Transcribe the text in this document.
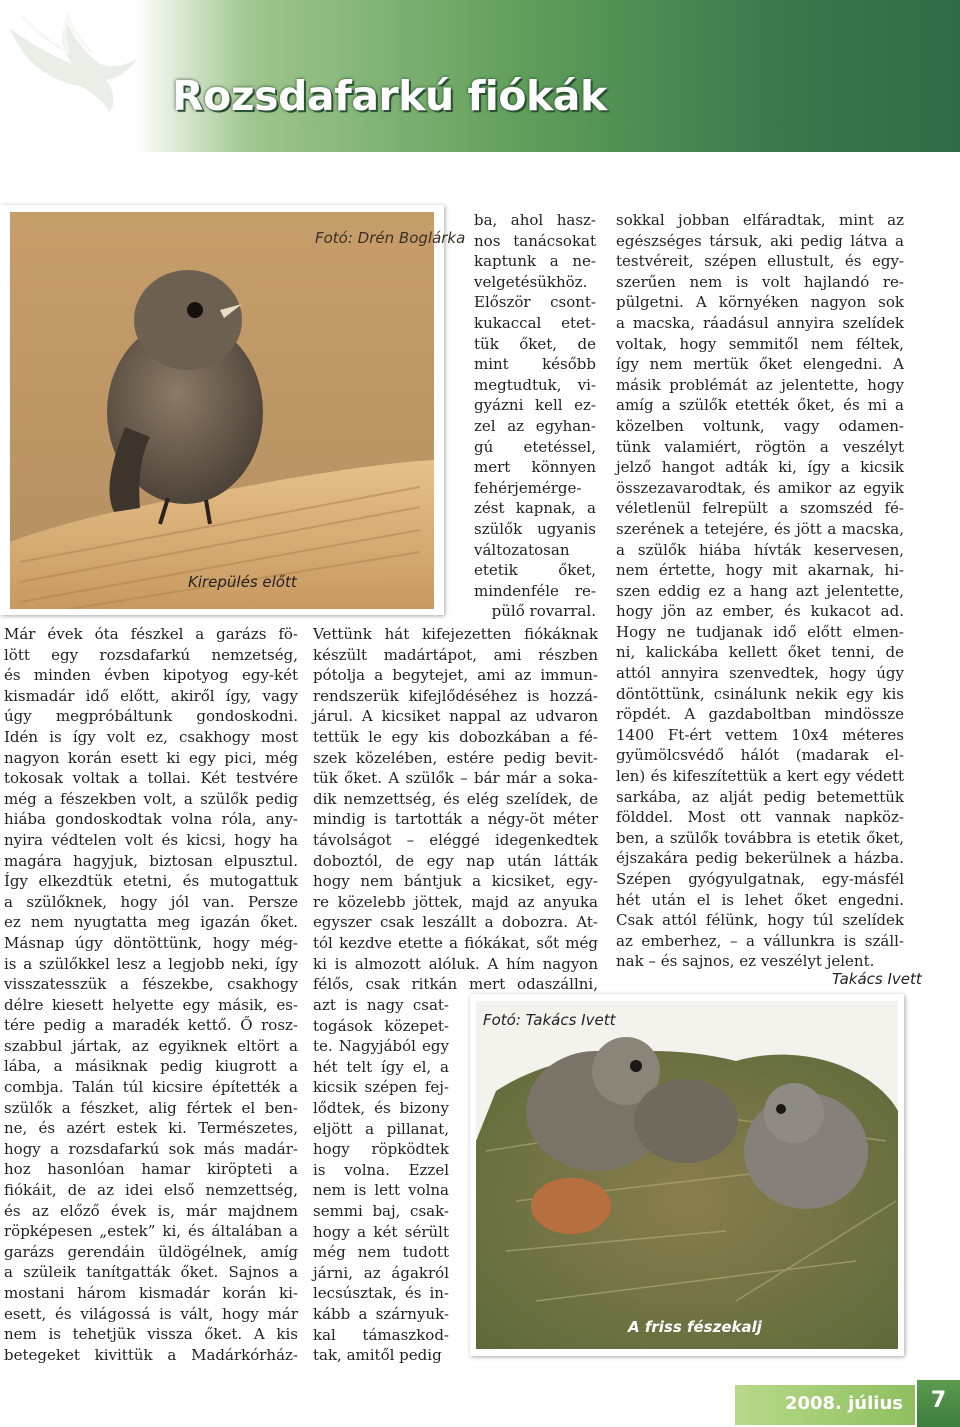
Rozsdafarkú fiókák
Fotó: Drén Boglárka
Kirepülés előtt

ba, ahol hasz-

nos tanácsokat

kaptunk a ne-

velgetésükhöz.

Először csont-

kukaccal etet-

tük őket, de

mint később

megtudtuk, vi-

gyázni kell ez-

zel az egyhan-

gú etetéssel,

mert könnyen

fehérjemérge-

zést kapnak, a

szülők ugyanis

változatosan

etetik őket,

mindenféle re-

pülő rovarral.

Már évek óta fészkel a garázs fö-

lött egy rozsdafarkú nemzetség,

és minden évben kipotyog egy-két

kismadár idő előtt, akiről így, vagy

úgy megpróbáltunk gondoskodni.

Idén is így volt ez, csakhogy most

nagyon korán esett ki egy pici, még

tokosak voltak a tollai. Két testvére

még a fészekben volt, a szülők pedig

hiába gondoskodtak volna róla, any-

nyira védtelen volt és kicsi, hogy ha

magára hagyjuk, biztosan elpusztul.

Így elkezdtük etetni, és mutogattuk

a szülőknek, hogy jól van. Persze

ez nem nyugtatta meg igazán őket.

Másnap úgy döntöttünk, hogy még-

is a szülőkkel lesz a legjobb neki, így

visszatesszük a fészekbe, csakhogy

délre kiesett helyette egy másik, es-

tére pedig a maradék kettő. Ő rosz-

szabbul jártak, az egyiknek eltört a

lába, a másiknak pedig kiugrott a

combja. Talán túl kicsire építették a

szülők a fészket, alig fértek el ben-

ne, és azért estek ki. Természetes,

hogy a rozsdafarkú sok más madár-

hoz hasonlóan hamar kiröpteti a

fiókáit, de az idei első nemzettség,

és az előző évek is, már majdnem

röpképesen „estek” ki, és általában a

garázs gerendáin üldögélnek, amíg

a szüleik tanítgatták őket. Sajnos a

mostani három kismadár korán ki-

esett, és világossá is vált, hogy már

nem is tehetjük vissza őket. A kis

betegeket kivittük a Madárkórház-

Vettünk hát kifejezetten fiókáknak

készült madártápot, ami részben

pótolja a begytejet, ami az immun-

rendszerük kifejlődéséhez is hozzá-

járul. A kicsiket nappal az udvaron

tettük le egy kis dobozkában a fé-

szek közelében, estére pedig bevit-

tük őket. A szülők – bár már a soka-

dik nemzettség, és elég szelídek, de

mindig is tartották a négy-öt méter

távolságot – eléggé idegenkedtek

doboztól, de egy nap után látták

hogy nem bántjuk a kicsiket, egy-

re közelebb jöttek, majd az anyuka

egyszer csak leszállt a dobozra. At-

tól kezdve etette a fiókákat, sőt még

ki is almozott alóluk. A hím nagyon

félős, csak ritkán mert odaszállni,

azt is nagy csat-

togások közepet-

te. Nagyjából egy

hét telt így el, a

kicsik szépen fej-

lődtek, és bizony

eljött a pillanat,

hogy röpködtek

is volna. Ezzel

nem is lett volna

semmi baj, csak-

hogy a két sérült

még nem tudott

járni, az ágakról

lecsúsztak, és in-

kább a szárnyuk-

kal támaszkod-

tak, amitől pedig

sokkal jobban elfáradtak, mint az

egészséges társuk, aki pedig látva a

testvéreit, szépen ellustult, és egy-

szerűen nem is volt hajlandó re-

pülgetni. A környéken nagyon sok

a macska, ráadásul annyira szelídek

voltak, hogy semmitől nem féltek,

így nem mertük őket elengedni. A

másik problémát az jelentette, hogy

amíg a szülők etették őket, és mi a

közelben voltunk, vagy odamen-

tünk valamiért, rögtön a veszélyt

jelző hangot adták ki, így a kicsik

összezavarodtak, és amikor az egyik

véletlenül felrepült a szomszéd fé-

szerének a tetejére, és jött a macska,

a szülők hiába hívták keservesen,

nem értette, hogy mit akarnak, hi-

szen eddig ez a hang azt jelentette,

hogy jön az ember, és kukacot ad.

Hogy ne tudjanak idő előtt elmen-

ni, kalickába kellett őket tenni, de

attól annyira szenvedtek, hogy úgy

döntöttünk, csinálunk nekik egy kis

röpdét. A gazdaboltban mindössze

1400 Ft-ért vettem 10x4 méteres

gyümölcsvédő hálót (madarak el-

len) és kifeszítettük a kert egy védett

sarkába, az alját pedig betemettük

földdel. Most ott vannak napköz-

ben, a szülők továbbra is etetik őket,

éjszakára pedig bekerülnek a házba.

Szépen gyógyulgatnak, egy-másfél

hét után el is lehet őket engedni.

Csak attól félünk, hogy túl szelídek

az emberhez, – a vállunkra is száll-

nak – és sajnos, ez veszélyt jelent.

Takács Ivett
Fotó: Takács Ivett
A friss fészekalj
2008. július	7
